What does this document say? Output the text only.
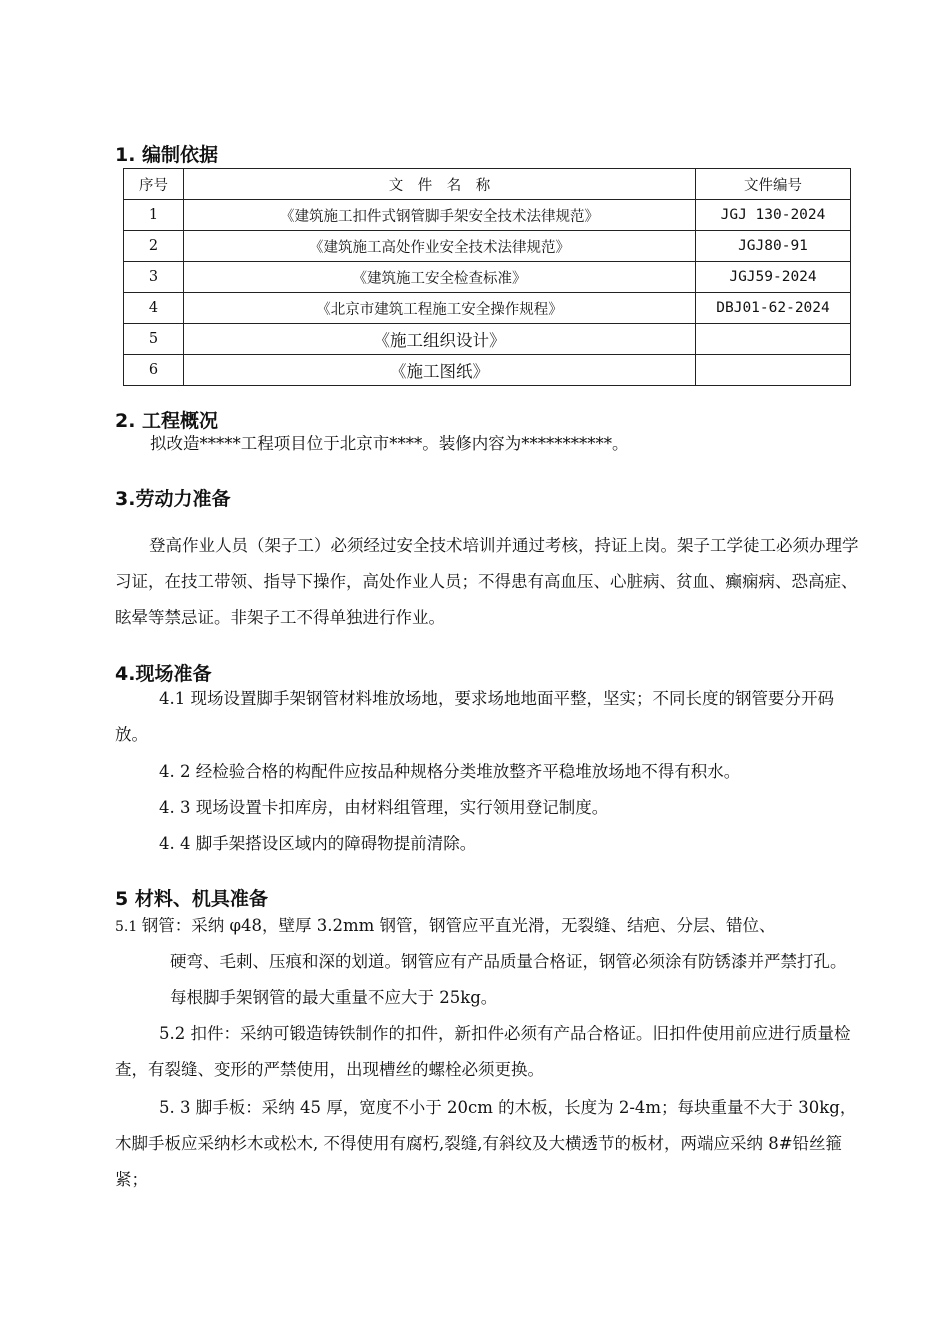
1. 编制依据
序号	文　件　名　称	文件编号
1	《建筑施工扣件式钢管脚手架安全技术法律规范》	JGJ 130-2024
2	《建筑施工高处作业安全技术法律规范》	JGJ80-91
3	《建筑施工安全检查标准》	JGJ59-2024
4	《北京市建筑工程施工安全操作规程》	DBJ01-62-2024
5	《施工组织设计》	
6	《施工图纸》	
2. 工程概况

拟改造*****工程项目位于北京市****。装修内容为***********。

3.劳动力准备

登高作业人员（架子工）必须经过安全技术培训并通过考核，持证上岗。架子工学徒工必须办理学习证，在技工带领、指导下操作，高处作业人员；不得患有高血压、心脏病、贫血、癫痫病、恐高症、眩晕等禁忌证。非架子工不得单独进行作业。

4.现场准备

4.1 现场设置脚手架钢管材料堆放场地，要求场地地面平整，坚实；不同长度的钢管要分开码放。

4. 2 经检验合格的构配件应按品种规格分类堆放整齐平稳堆放场地不得有积水。

4. 3 现场设置卡扣库房，由材料组管理，实行领用登记制度。

4. 4 脚手架搭设区域内的障碍物提前清除。

5 材料、机具准备

5.1 钢管：采纳 φ48，壁厚 3.2mm 钢管，钢管应平直光滑，无裂缝、结疤、分层、错位、

硬弯、毛刺、压痕和深的划道。钢管应有产品质量合格证，钢管必须涂有防锈漆并严禁打孔。每根脚手架钢管的最大重量不应大于 25kg。

5.2 扣件：采纳可锻造铸铁制作的扣件，新扣件必须有产品合格证。旧扣件使用前应进行质量检查，有裂缝、变形的严禁使用，出现槽丝的螺栓必须更换。

5. 3 脚手板：采纳 45 厚，宽度不小于 20cm 的木板，长度为 2-4m；每块重量不大于 30kg，木脚手板应采纳杉木或松木, 不得使用有腐朽,裂缝,有斜纹及大横透节的板材，两端应采纳 8#铅丝箍紧；
